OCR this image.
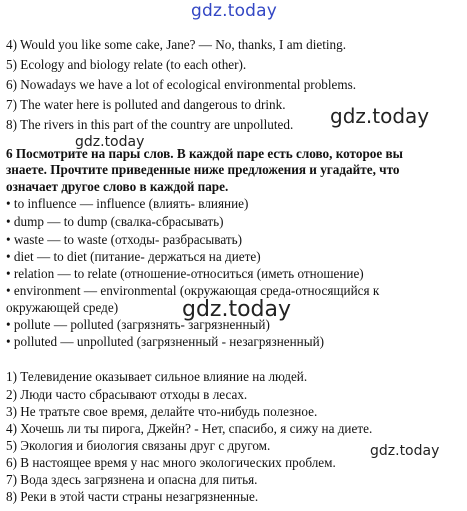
gdz.today
4) Would you like some cake, Jane? — No, thanks, I am dieting.
5) Ecology and biology relate (to each other).
6) Nowadays we have a lot of ecological environmental problems.
7) The water here is polluted and dangerous to drink.
8) The rivers in this part of the country are unpolluted. gdz.today
gdz.today
6 Посмотрите на пары слов. В каждой паре есть слово, которое вы
знаете. Прочтите приведенные ниже предложения и угадайте, что
означает другое слово в каждой паре.
• to influence — influence (влиять- влияние)
• dump — to dump (свалка-сбрасывать)
• waste — to waste (отходы- разбрасывать)
• diet — to diet (питание- держаться на диете)
• relation — to relate (отношение-относиться (иметь отношение)
• environment — environmental (окружающая среда-относящийся к
окружающей среде)
• pollute — polluted (загрязнять- загрязненный)
• polluted — unpolluted (загрязненный - незагрязненный)
gdz.today
1) Телевидение оказывает сильное влияние на людей.
2) Люди часто сбрасывают отходы в лесах.
3) Не тратьте свое время, делайте что-нибудь полезное.
4) Хочешь ли ты пирога, Джейн? - Нет, спасибо, я сижу на диете.
5) Экология и биология связаны друг с другом.
6) В настоящее время у нас много экологических проблем.
7) Вода здесь загрязнена и опасна для питья.
8) Реки в этой части страны незагрязненные.
gdz.today
